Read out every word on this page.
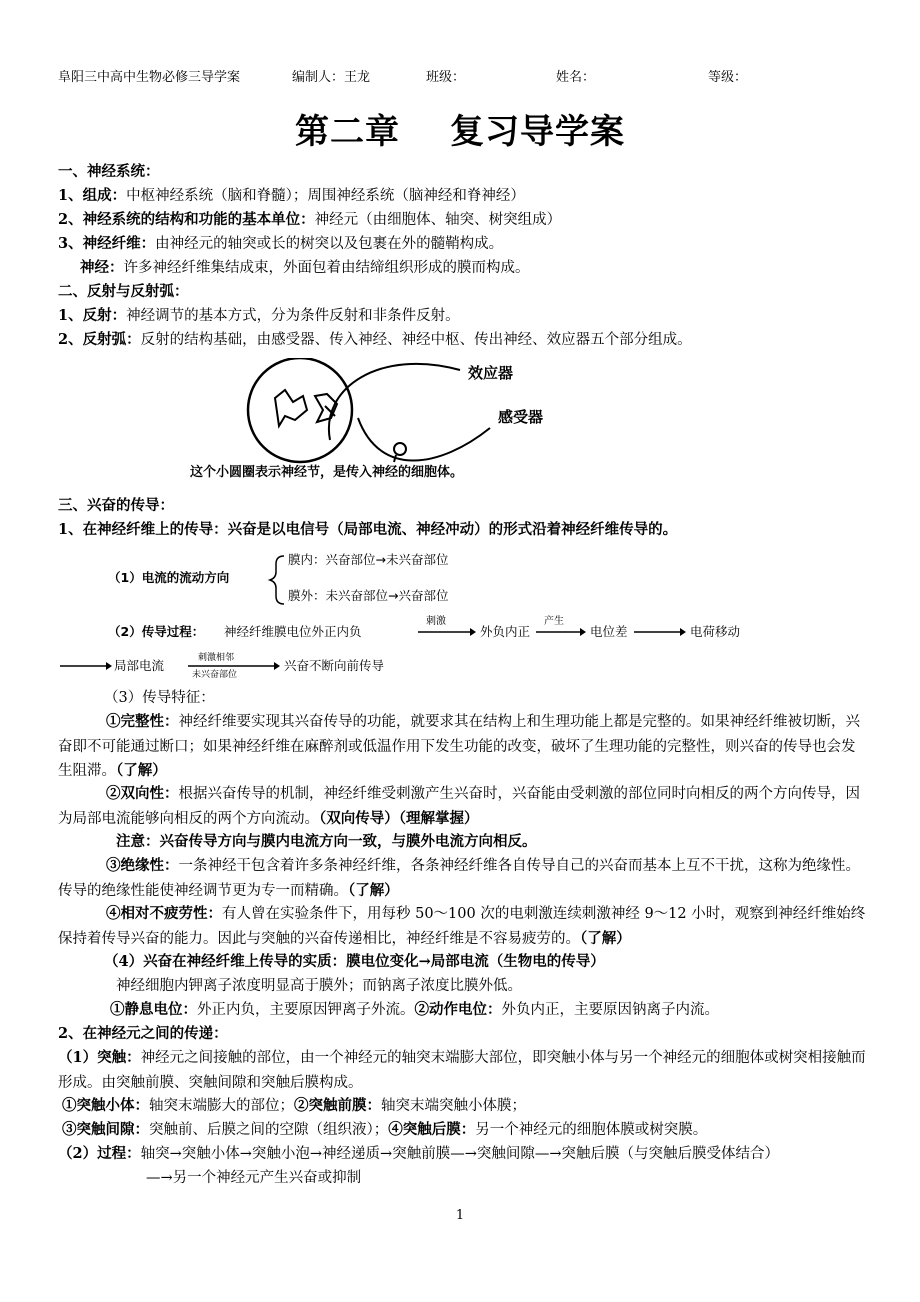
阜阳三中高中生物必修三导学案	编制人：王龙	班级：	姓名：	等级：
第二章 复习导学案
一、神经系统：
1、组成：中枢神经系统（脑和脊髓）；周围神经系统（脑神经和脊神经）
2、神经系统的结构和功能的基本单位：神经元（由细胞体、轴突、树突组成）
3、神经纤维：由神经元的轴突或长的树突以及包裹在外的髓鞘构成。
神经：许多神经纤维集结成束，外面包着由结缔组织形成的膜而构成。
二、反射与反射弧：
1、反射：神经调节的基本方式，分为条件反射和非条件反射。
2、反射弧：反射的结构基础，由感受器、传入神经、神经中枢、传出神经、效应器五个部分组成。
效应器
感受器
这个小圆圈表示神经节，是传入神经的细胞体。
三、兴奋的传导：
1、在神经纤维上的传导：兴奋是以电信号（局部电流、神经冲动）的形式沿着神经纤维传导的。
（1）电流的流动方向
膜内：兴奋部位→未兴奋部位
膜外：未兴奋部位→兴奋部位
（2）传导过程： 神经纤维膜电位外正内负
刺激
外负内正
产生
电位差	电荷移动
局部电流	刺激相邻
未兴奋部位
兴奋不断向前传导
（3）传导特征：
①完整性：神经纤维要实现其兴奋传导的功能，就要求其在结构上和生理功能上都是完整的。如果神经纤维被切断，兴奋即不可能通过断口；如果神经纤维在麻醉剂或低温作用下发生功能的改变，破坏了生理功能的完整性，则兴奋的传导也会发生阻滞。（了解）
②双向性：根据兴奋传导的机制，神经纤维受刺激产生兴奋时，兴奋能由受刺激的部位同时向相反的两个方向传导，因为局部电流能够向相反的两个方向流动。（双向传导）（理解掌握）
注意：兴奋传导方向与膜内电流方向一致，与膜外电流方向相反。
③绝缘性：一条神经干包含着许多条神经纤维，各条神经纤维各自传导自己的兴奋而基本上互不干扰，这称为绝缘性。传导的绝缘性能使神经调节更为专一而精确。（了解）
④相对不疲劳性：有人曾在实验条件下，用每秒 50～100 次的电刺激连续刺激神经 9～12 小时，观察到神经纤维始终保持着传导兴奋的能力。因此与突触的兴奋传递相比，神经纤维是不容易疲劳的。（了解）
（4）兴奋在神经纤维上传导的实质：膜电位变化→局部电流（生物电的传导）
神经细胞内钾离子浓度明显高于膜外；而钠离子浓度比膜外低。
①静息电位：外正内负，主要原因钾离子外流。②动作电位：外负内正，主要原因钠离子内流。
2、在神经元之间的传递：
（1）突触：神经元之间接触的部位，由一个神经元的轴突末端膨大部位，即突触小体与另一个神经元的细胞体或树突相接触而形成。由突触前膜、突触间隙和突触后膜构成。
①突触小体：轴突末端膨大的部位；②突触前膜：轴突末端突触小体膜；
③突触间隙：突触前、后膜之间的空隙（组织液）；④突触后膜：另一个神经元的细胞体膜或树突膜。
（2）过程：轴突→突触小体→突触小泡→神经递质→突触前膜—→突触间隙—→突触后膜（与突触后膜受体结合）
—→另一个神经元产生兴奋或抑制
1
